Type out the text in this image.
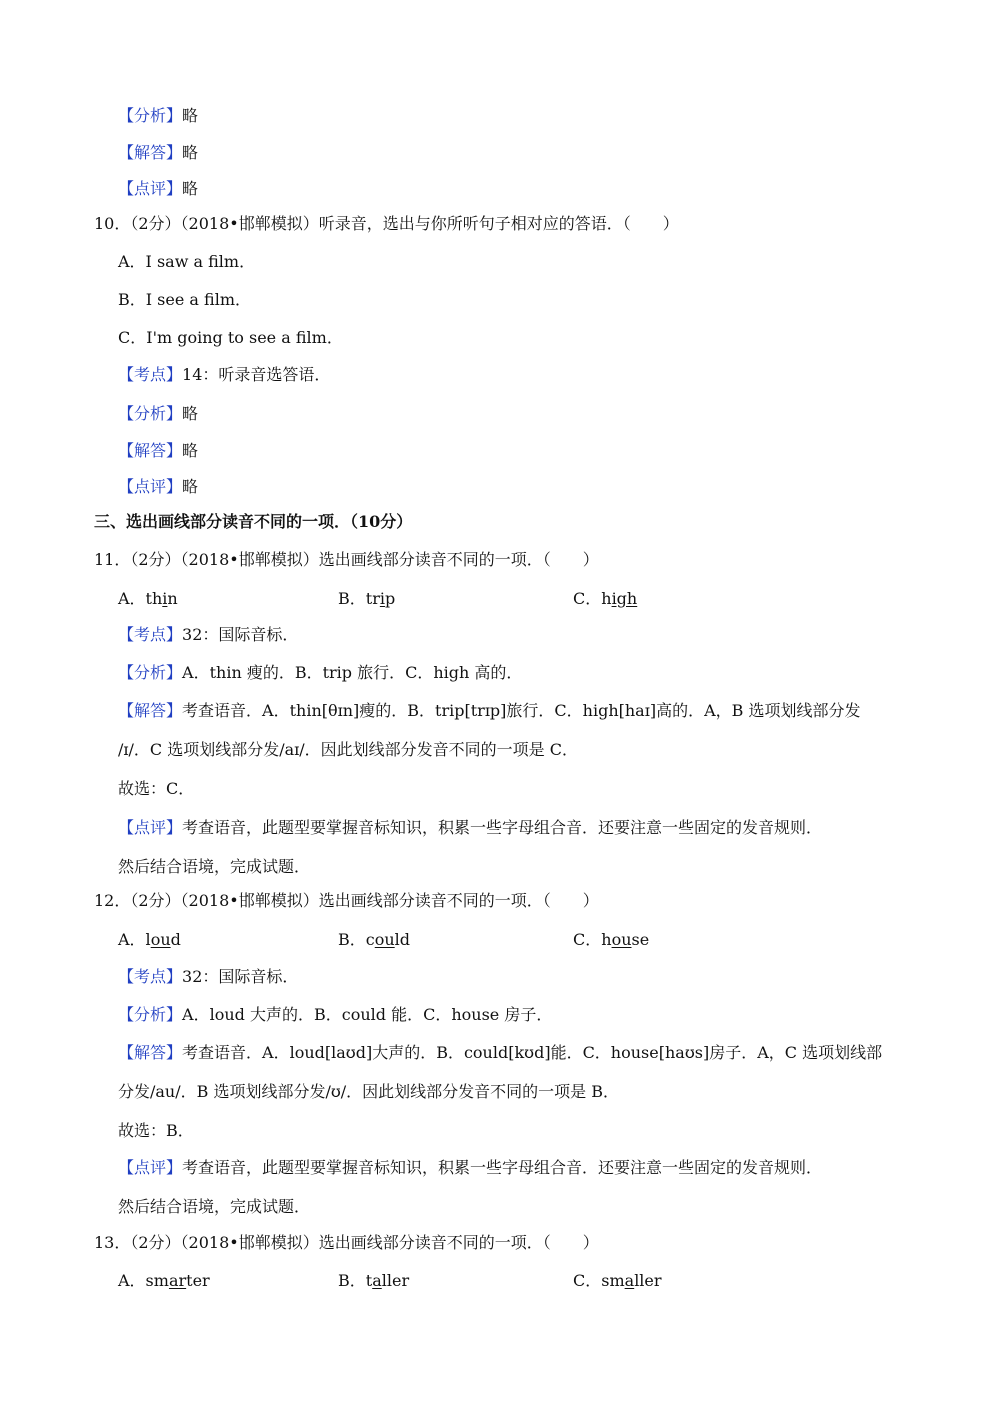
【分析】略
【解答】略
【点评】略
10．（2分）（2018•邯郸模拟）听录音，选出与你所听句子相对应的答语．（　　）
A．I saw a film．
B．I see a film．
C．I'm going to see a film．
【考点】14：听录音选答语．
【分析】略
【解答】略
【点评】略
三、选出画线部分读音不同的一项．（10分）
11．（2分）（2018•邯郸模拟）选出画线部分读音不同的一项．（　　）
A．thin	B．trip	C．high
【考点】32：国际音标．
【分析】A．thin 瘦的．B．trip 旅行．C．high 高的．
【解答】考查语音．A．thin[θɪn]瘦的．B．trip[trɪp]旅行．C．high[haɪ]高的．A，B 选项划线部分发
/ɪ/．C 选项划线部分发/aɪ/．因此划线部分发音不同的一项是 C．
故选：C．
【点评】考查语音，此题型要掌握音标知识，积累一些字母组合音．还要注意一些固定的发音规则．
然后结合语境，完成试题．
12．（2分）（2018•邯郸模拟）选出画线部分读音不同的一项．（　　）
A．loud	B．could	C．house
【考点】32：国际音标．
【分析】A．loud 大声的．B．could 能．C．house 房子．
【解答】考查语音．A．loud[laʊd]大声的．B．could[kʊd]能．C．house[haʊs]房子．A，C 选项划线部
分发/au/．B 选项划线部分发/ʊ/．因此划线部分发音不同的一项是 B．
故选：B．
【点评】考查语音，此题型要掌握音标知识，积累一些字母组合音．还要注意一些固定的发音规则．
然后结合语境，完成试题．
13．（2分）（2018•邯郸模拟）选出画线部分读音不同的一项．（　　）
A．smarter	B．taller	C．smaller
